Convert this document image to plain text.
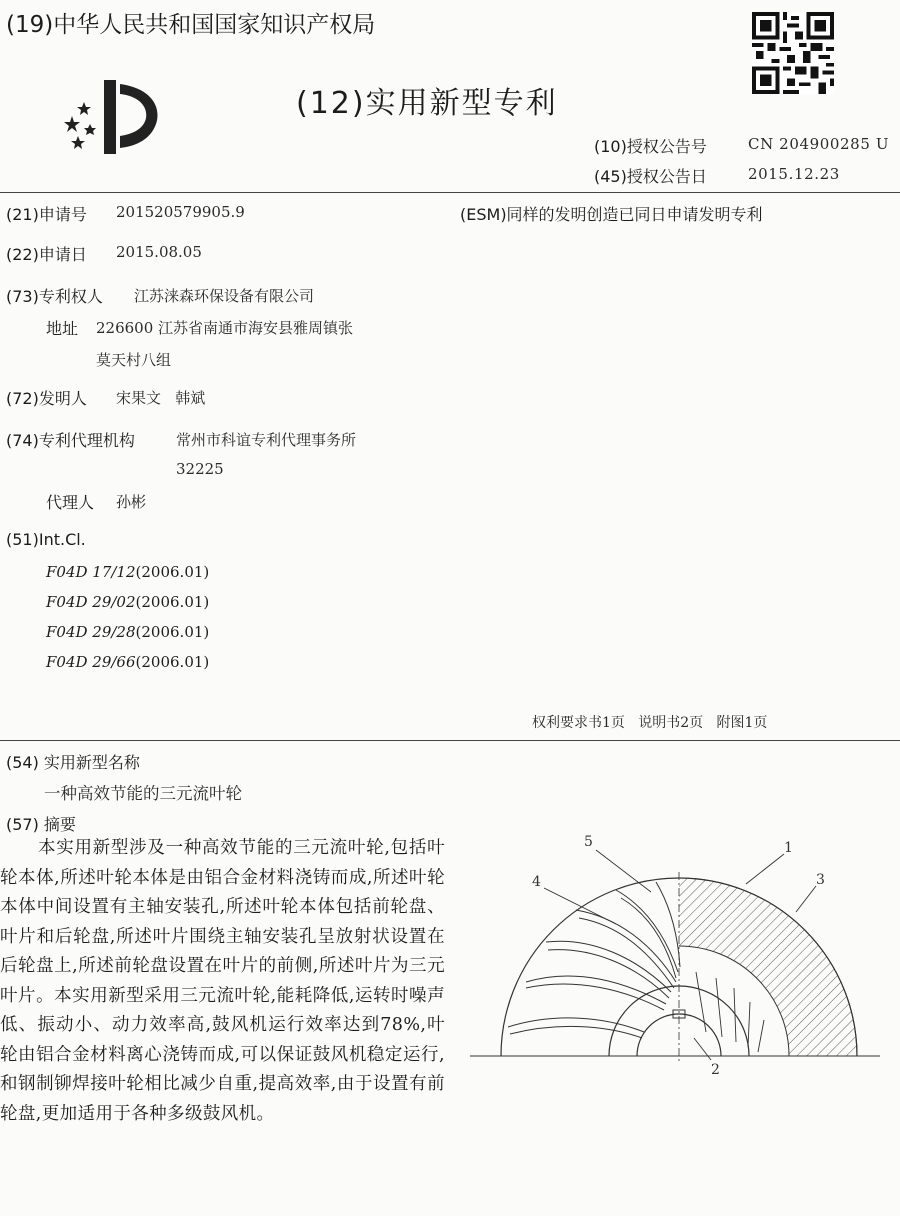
(19)中华人民共和国国家知识产权局
(12)实用新型专利
(10)授权公告号	CN 204900285 U
(45)授权公告日	2015.12.23
(21)申请号 201520579905.9	(ESM)同样的发明创造已同日申请发明专利
(22)申请日 2015.08.05
(73)专利权人 江苏涞森环保设备有限公司
地址 226600 江苏省南通市海安县雅周镇张
莫天村八组
(72)发明人 宋果文   韩斌
(74)专利代理机构	常州市科谊专利代理事务所
32225
代理人 孙彬
(51)Int.Cl.
F04D 17/12(2006.01)
F04D 29/02(2006.01)
F04D 29/28(2006.01)
F04D 29/66(2006.01)
权利要求书1页   说明书2页   附图1页
(54) 实用新型名称
一种高效节能的三元流叶轮
(57) 摘要

本实用新型涉及一种高效节能的三元流叶轮,包括叶轮本体,所述叶轮本体是由铝合金材料浇铸而成,所述叶轮本体中间设置有主轴安装孔,所述叶轮本体包括前轮盘、叶片和后轮盘,所述叶片围绕主轴安装孔呈放射状设置在后轮盘上,所述前轮盘设置在叶片的前侧,所述叶片为三元叶片。本实用新型采用三元流叶轮,能耗降低,运转时噪声低、振动小、动力效率高,鼓风机运行效率达到78%,叶轮由铝合金材料离心浇铸而成,可以保证鼓风机稳定运行,和钢制铆焊接叶轮相比减少自重,提高效率,由于设置有前轮盘,更加适用于各种多级鼓风机。

5	1
4	3
2
